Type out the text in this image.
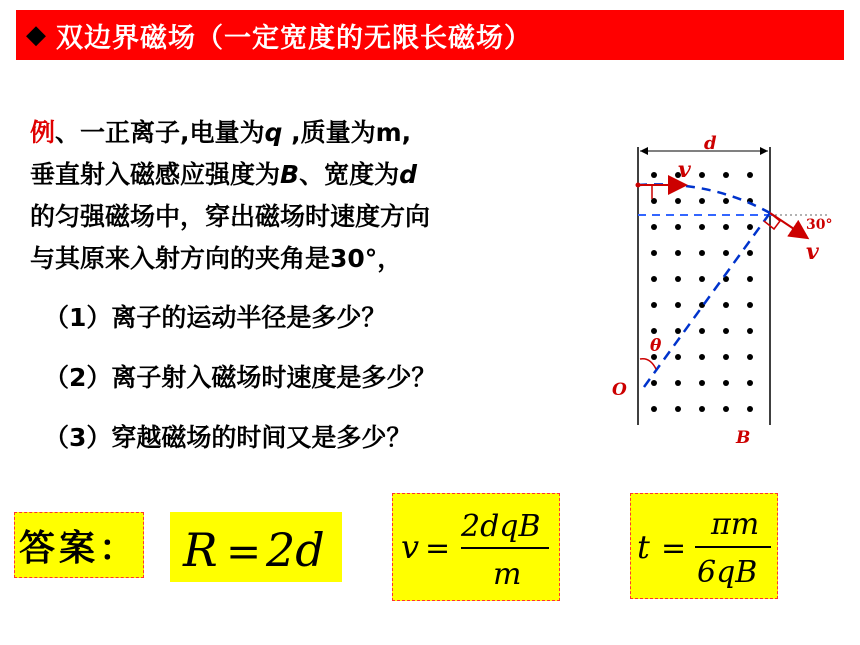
◆ 双边界磁场（一定宽度的无限长磁场）
例、一正离子,电量为q ,质量为m,
垂直射入磁感应强度为B、宽度为d
的匀强磁场中，穿出磁场时速度方向
与其原来入射方向的夹角是30°，
（1）离子的运动半径是多少？
（2）离子射入磁场时速度是多少？
（3）穿越磁场的时间又是多少？
答案： R = 2d v =
2dqB
m
t =
πm
6qB
d
v
v
30°
θ
O
B
